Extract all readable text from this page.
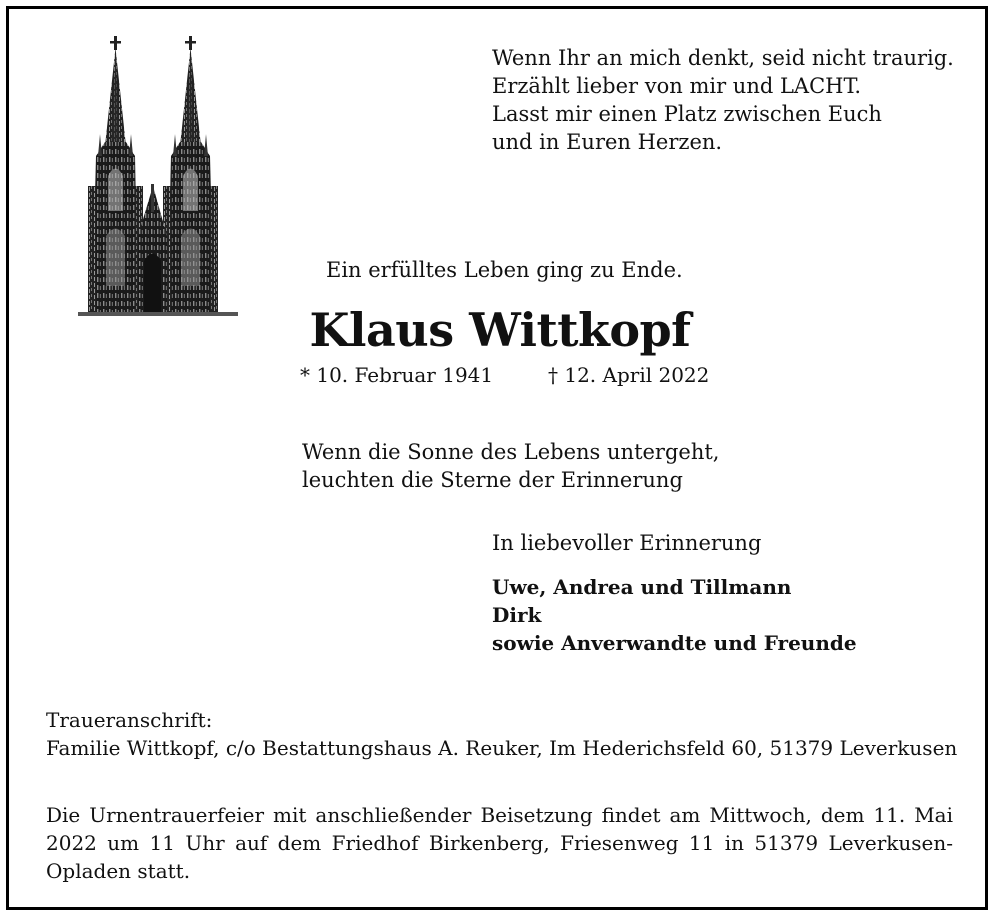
Wenn Ihr an mich denkt, seid nicht traurig.
Erzählt lieber von mir und LACHT.
Lasst mir einen Platz zwischen Euch
und in Euren Herzen.
Ein erfülltes Leben ging zu Ende.
Klaus Wittkopf
* 10. Februar 1941	† 12. April 2022
Wenn die Sonne des Lebens untergeht,
leuchten die Sterne der Erinnerung
In liebevoller Erinnerung
Uwe, Andrea und Tillmann
Dirk
sowie Anverwandte und Freunde
Traueranschrift:
Familie Wittkopf, c/o Bestattungshaus A. Reuker, Im Hederichsfeld 60, 51379 Leverkusen
Die Urnentrauerfeier mit anschließender Beisetzung findet am Mittwoch, dem 11. Mai 2022 um 11 Uhr auf dem Friedhof Birkenberg, Friesenweg 11 in 51379 Leverkusen-Opladen statt.
